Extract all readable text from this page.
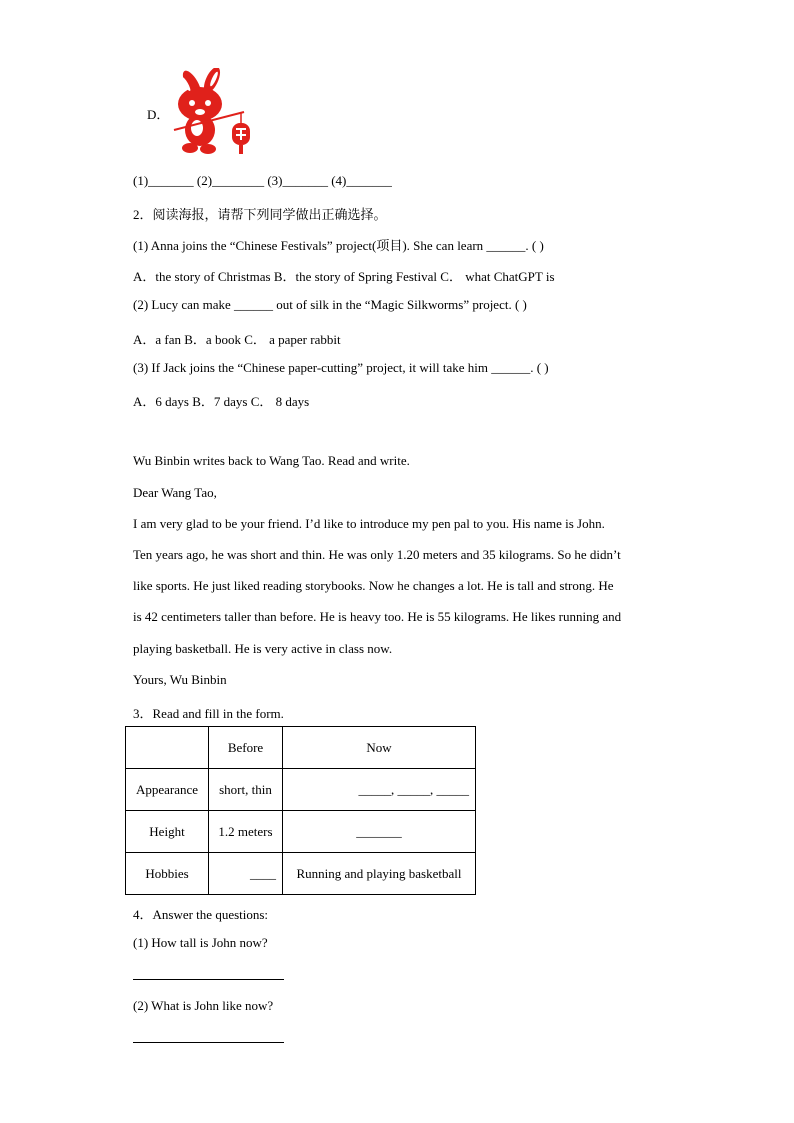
D．
(1)_______ (2)________ (3)_______ (4)_______
2．阅读海报，请帮下列同学做出正确选择。
(1) Anna joins the “Chinese Festivals” project(项目). She can learn ______. ( )
A．the story of Christmas B．the story of Spring Festival C． what ChatGPT is
(2) Lucy can make ______ out of silk in the “Magic Silkworms” project. ( )
A．a fan B．a book C． a paper rabbit
(3) If Jack joins the “Chinese paper-cutting” project, it will take him ______. ( )
A．6 days B．7 days C． 8 days
Wu Binbin writes back to Wang Tao. Read and write.
Dear Wang Tao,
I am very glad to be your friend. I’d like to introduce my pen pal to you. His name is John.
Ten years ago, he was short and thin. He was only 1.20 meters and 35 kilograms. So he didn’t
like sports. He just liked reading storybooks. Now he changes a lot. He is tall and strong. He
is 42 centimeters taller than before. He is heavy too. He is 55 kilograms. He likes running and
playing basketball. He is very active in class now.
Yours, Wu Binbin
3．Read and fill in the form.
	Before	Now
Appearance	short, thin	_____, _____, _____
Height	1.2 meters	_______
Hobbies	____	Running and playing basketball
4．Answer the questions:
(1) How tall is John now?
(2) What is John like now?
